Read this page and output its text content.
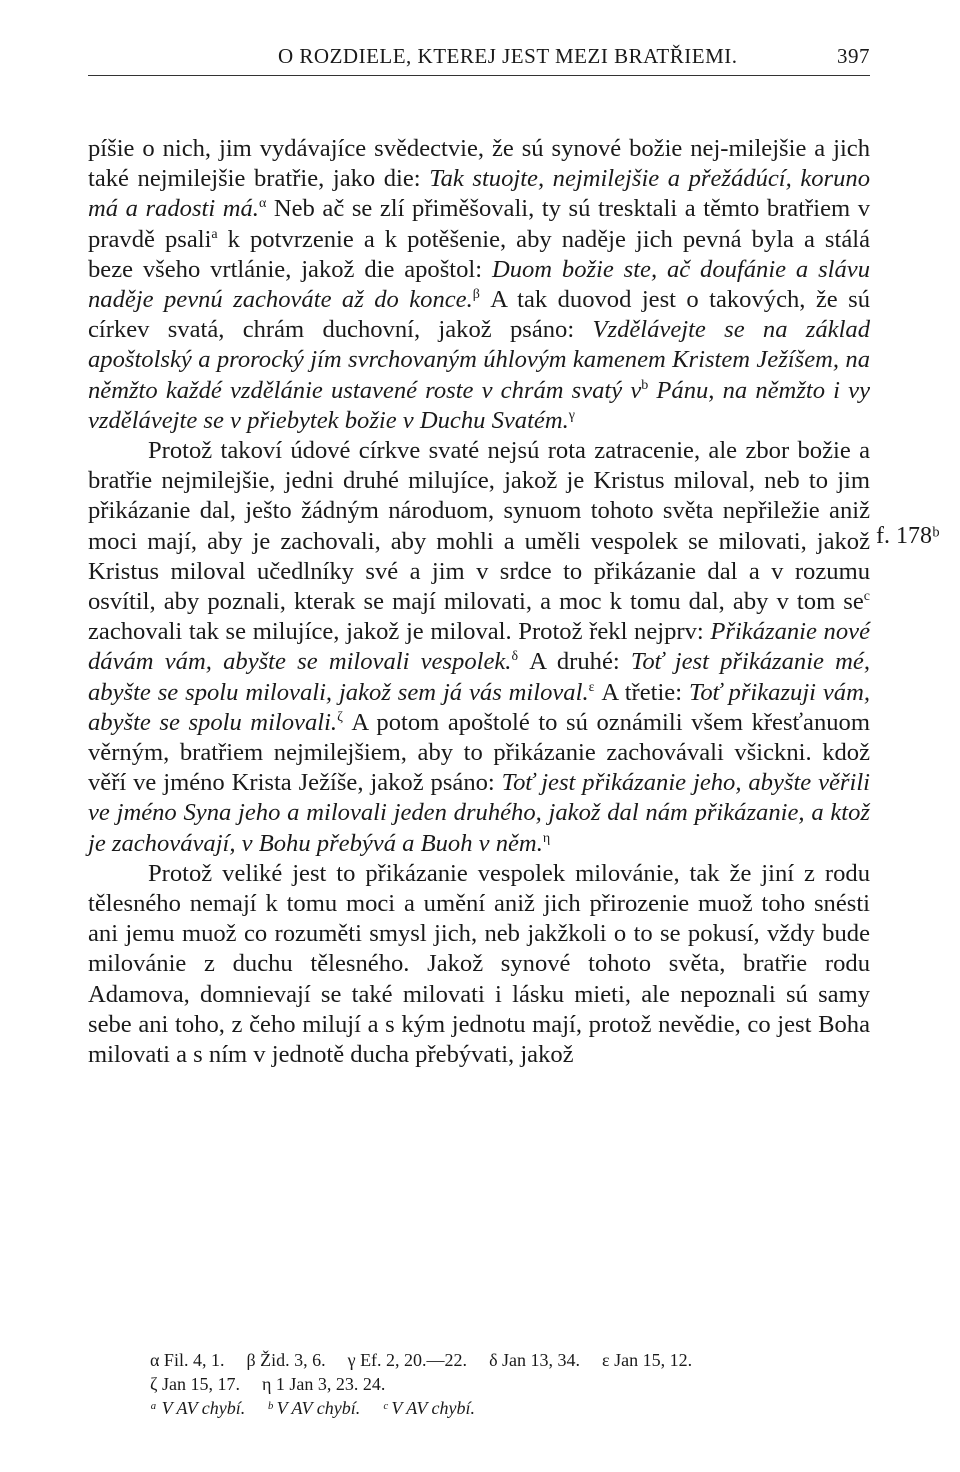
O ROZDIELE, KTEREJ JEST MEZI BRATŘIEMI.	397

píšie o nich, jim vydávajíce svědectvie, že sú synové božie nej-milejšie a jich také nejmilejšie bratřie, jako die: Tak stuojte, nejmilejšie a přežádúcí, koruno má a radosti má.$^\alpha$ Neb ač se zlí přiměšovali, ty sú tresktali a těmto bratřiem v pravdě psali$^a$ k potvrzenie a k potěšenie, aby naděje jich pevná byla a stálá beze všeho vrtlánie, jakož die apoštol: Duom božie ste, ač doufánie a slávu naděje pevnú zachováte až do konce.$^\beta$ A tak duovod jest o takových, že sú církev svatá, chrám duchovní, jakož psáno: Vzdělávejte se na základ apoštolský a prorocký jím svrchovaným úhlovým kamenem Kristem Ježíšem, na němžto každé vzdělánie ustavené roste v chrám svatý $v^b$ Pánu, na němžto i vy vzdělávejte se v přiebytek božie v Duchu Svatém.$^\gamma$

Protož takoví údové církve svaté nejsú rota zatracenie, ale zbor božie a bratřie nejmilejšie, jedni druhé milujíce, jakož je Kristus miloval, neb to jim přikázanie dal, ješto žádným národuom, synuom tohoto světa nepřiležie aniž moci mají, aby je zachovali, aby mohli a uměli vespolek se milovati, jakož Kristus miloval učedlníky své a jim v srdce to přikázanie dal a v rozumu osvítil, aby poznali, kterak se mají milovati, a moc k tomu dal, aby v tom $se^c$ zachovali tak se milujíce, jakož je miloval. Protož řekl nejprv: Přikázanie nové dávám vám, abyšte se milovali vespolek.$^\delta$ A druhé: Toť jest přikázanie mé, abyšte se spolu milovali, jakož sem já vás miloval.$^\varepsilon$ A třetie: Toť přikazuji vám, abyšte se spolu milovali.$^\zeta$ A potom apoštolé to sú oznámili všem křesťanuom věrným, bratřiem nejmilejšiem, aby to přikázanie zachovávali všickni. kdož věří ve jméno Krista Ježíše, jakož psáno: Toť jest přikázanie jeho, abyšte věřili ve jméno Syna jeho a milovali jeden druhého, jakož dal nám přikázanie, a ktož je zachovávají, v Bohu přebývá a Buoh v něm.$^\eta$

Protož veliké jest to přikázanie vespolek milovánie, tak že jiní z rodu tělesného nemají k tomu moci a umění aniž jich přirozenie muož toho snésti ani jemu muož co rozuměti smysl jich, neb jakžkoli o to se pokusí, vždy bude milovánie z duchu tělesného. Jakož synové tohoto světa, bratřie rodu Adamova, domnievají se také milovati i lásku mieti, ale nepoznali sú samy sebe ani toho, z čeho milují a s kým jednotu mají, protož nevědie, co jest Boha milovati a s ním v jednotě ducha přebývati, jakož

f. 178ᵇ
α Fil. 4, 1. β Žid. 3, 6. γ Ef. 2, 20.—22. δ Jan 13, 34. ε Jan 15, 12.
ζ Jan 15, 17. η 1 Jan 3, 23. 24.
ᵃ V AV chybí. ᵇ V AV chybí. ᶜ V AV chybí.
